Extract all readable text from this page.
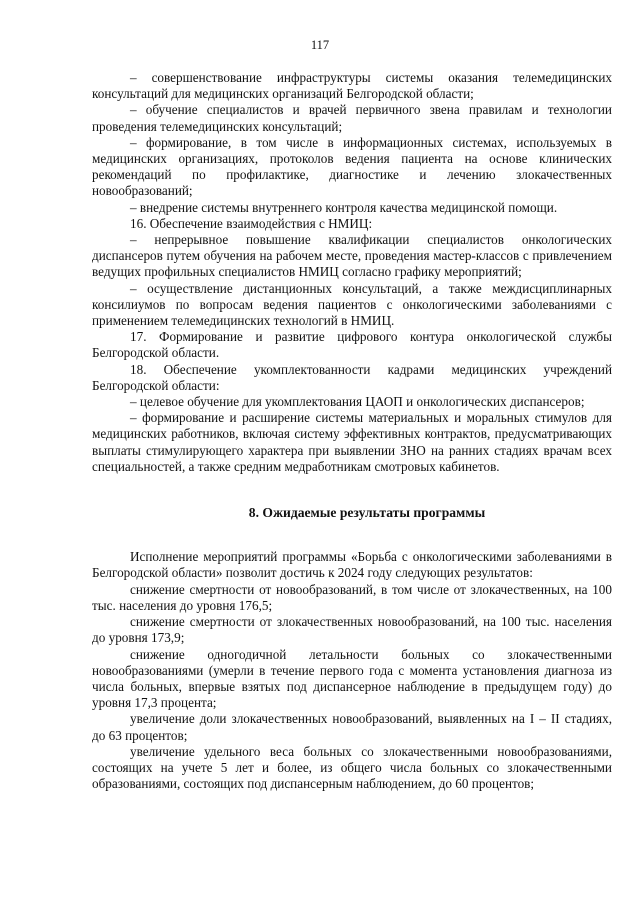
117

– совершенствование инфраструктуры системы оказания телемедицинских консультаций для медицинских организаций Белгородской области;

– обучение специалистов и врачей первичного звена правилам и технологии проведения телемедицинских консультаций;

– формирование, в том числе в информационных системах, используемых в медицинских организациях, протоколов ведения пациента на основе клинических рекомендаций по профилактике, диагностике и лечению злокачественных новообразований;

– внедрение системы внутреннего контроля качества медицинской помощи.

16. Обеспечение взаимодействия с НМИЦ:

– непрерывное повышение квалификации специалистов онкологических диспансеров путем обучения на рабочем месте, проведения мастер-классов с привлечением ведущих профильных специалистов НМИЦ согласно графику мероприятий;

– осуществление дистанционных консультаций, а также междисциплинарных консилиумов по вопросам ведения пациентов с онкологическими заболеваниями с применением телемедицинских технологий в НМИЦ.

17. Формирование и развитие цифрового контура онкологической службы Белгородской области.

18. Обеспечение укомплектованности кадрами медицинских учреждений Белгородской области:

– целевое обучение для укомплектования ЦАОП и онкологических диспансеров;

– формирование и расширение системы материальных и моральных стимулов для медицинских работников, включая систему эффективных контрактов, предусматривающих выплаты стимулирующего характера при выявлении ЗНО на ранних стадиях врачам всех специальностей, а также средним медработникам смотровых кабинетов.

8. Ожидаемые результаты программы

Исполнение мероприятий программы «Борьба с онкологическими заболеваниями в Белгородской области» позволит достичь к 2024 году следующих результатов:

снижение смертности от новообразований, в том числе от злокачественных, на 100 тыс. населения до уровня 176,5;

снижение смертности от злокачественных новообразований, на 100 тыс. населения до уровня 173,9;

снижение одногодичной летальности больных со злокачественными новообразованиями (умерли в течение первого года с момента установления диагноза из числа больных, впервые взятых под диспансерное наблюдение в предыдущем году) до уровня 17,3 процента;

увеличение доли злокачественных новообразований, выявленных на I – II стадиях, до 63 процентов;

увеличение удельного веса больных со злокачественными новообразованиями, состоящих на учете 5 лет и более, из общего числа больных со злокачественными образованиями, состоящих под диспансерным наблюдением, до 60 процентов;
